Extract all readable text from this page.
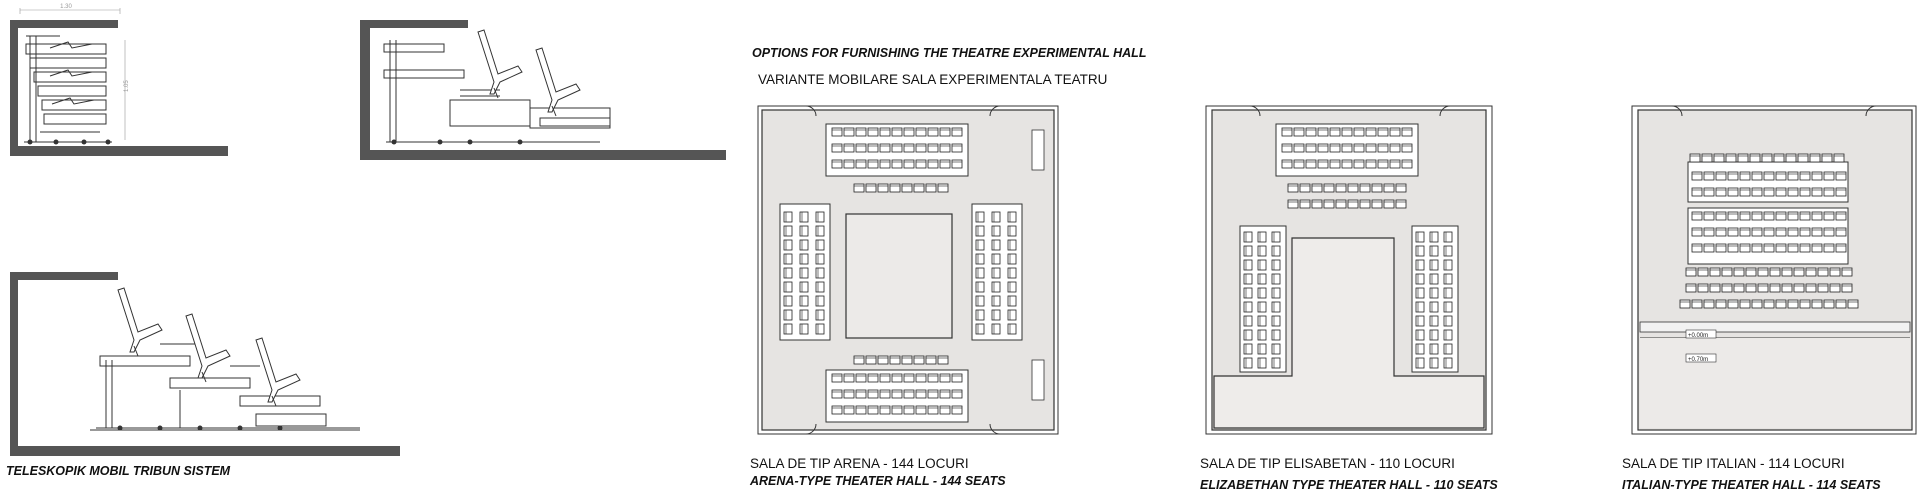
1.30
1.05
+0.00m
+0.70m
OPTIONS FOR FURNISHING THE THEATRE EXPERIMENTAL HALL
VARIANTE MOBILARE SALA EXPERIMENTALA TEATRU
TELESKOPIK MOBIL TRIBUN SISTEM	SALA DE TIP ARENA - 144 LOCURI
ARENA-TYPE THEATER HALL - 144 SEATS
SALA DE TIP ELISABETAN - 110 LOCURI
ELIZABETHAN TYPE THEATER HALL - 110 SEATS
SALA DE TIP ITALIAN - 114 LOCURI
ITALIAN-TYPE THEATER HALL - 114 SEATS
